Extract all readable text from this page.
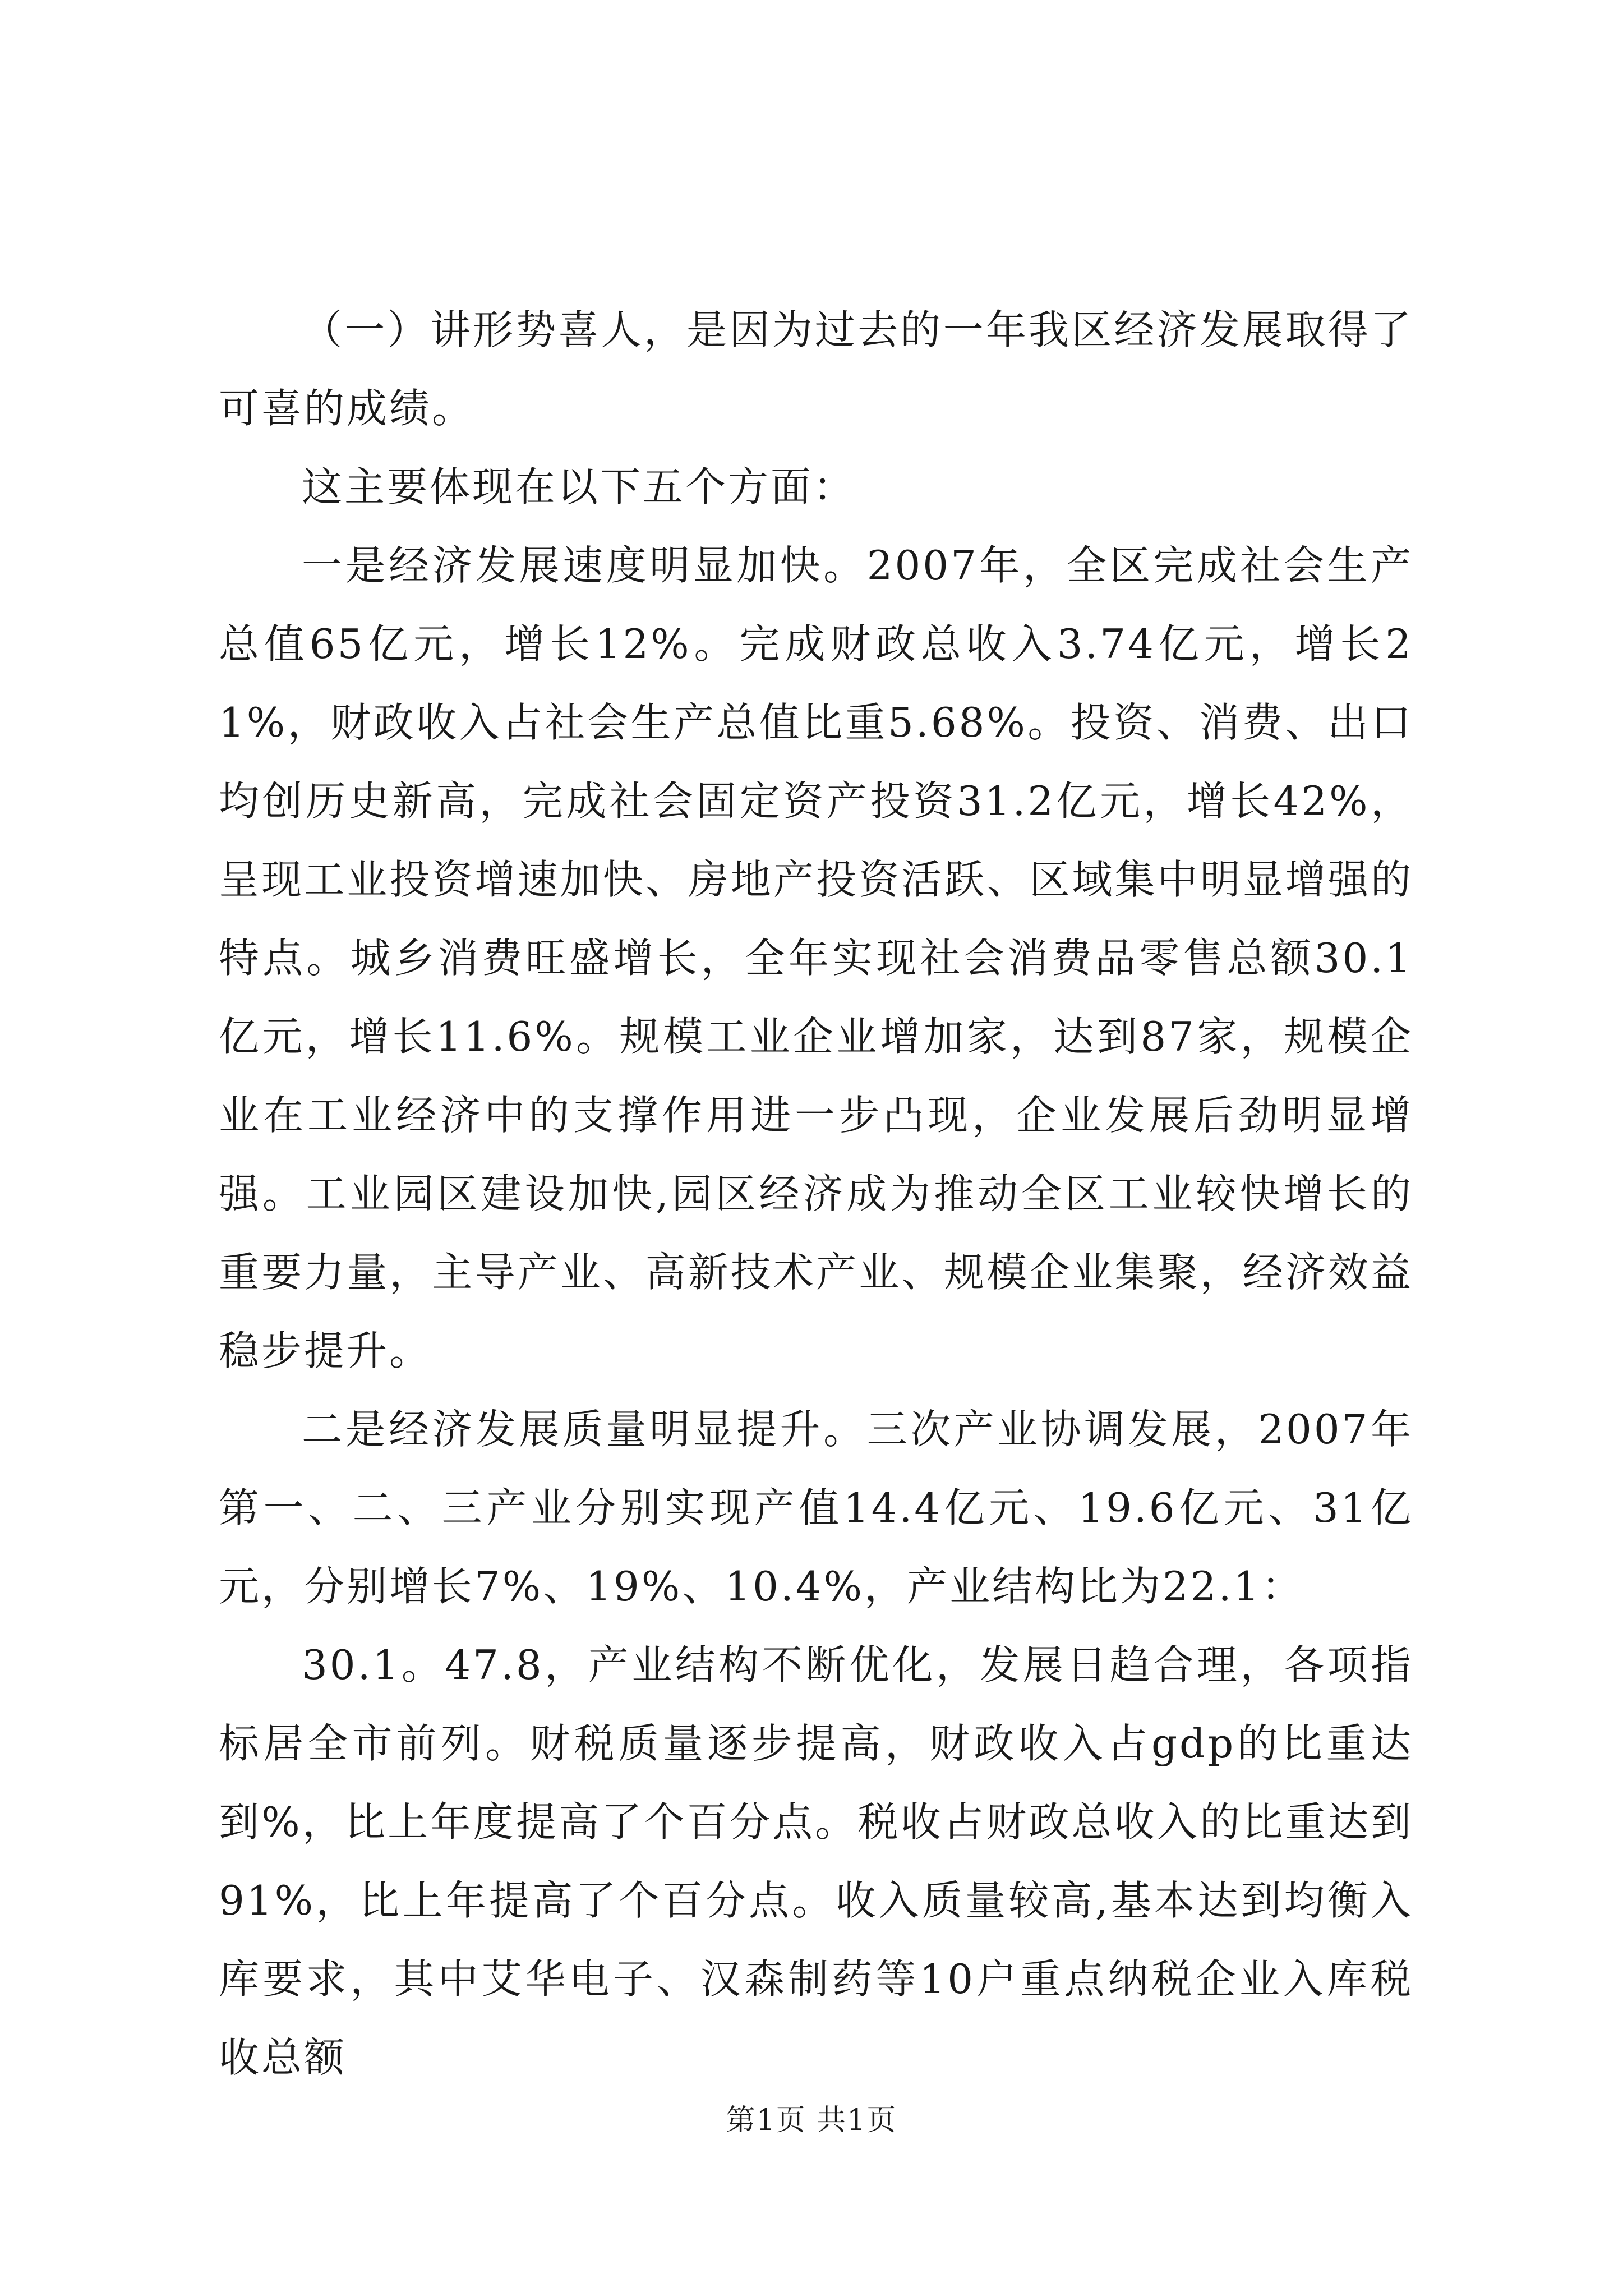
（一）讲形势喜人，是因为过去的一年我区经济发展取得了可喜的成绩。

这主要体现在以下五个方面：

一是经济发展速度明显加快。2007年，全区完成社会生产总值65亿元，增长12%。完成财政总收入3.74亿元，增长21%，财政收入占社会生产总值比重5.68%。投资、消费、出口均创历史新高，完成社会固定资产投资31.2亿元，增长42%，呈现工业投资增速加快、房地产投资活跃、区域集中明显增强的特点。城乡消费旺盛增长，全年实现社会消费品零售总额30.1亿元，增长11.6%。规模工业企业增加家，达到87家，规模企业在工业经济中的支撑作用进一步凸现，企业发展后劲明显增强。工业园区建设加快,园区经济成为推动全区工业较快增长的重要力量，主导产业、高新技术产业、规模企业集聚，经济效益稳步提升。

二是经济发展质量明显提升。三次产业协调发展，2007年第一、二、三产业分别实现产值14.4亿元、19.6亿元、31亿元，分别增长7%、19%、10.4%，产业结构比为22.1：

30.1。47.8，产业结构不断优化，发展日趋合理，各项指标居全市前列。财税质量逐步提高，财政收入占gdp的比重达到%，比上年度提高了个百分点。税收占财政总收入的比重达到91%，比上年提高了个百分点。收入质量较高,基本达到均衡入库要求，其中艾华电子、汉森制药等10户重点纳税企业入库税收总额

第1页 共1页
